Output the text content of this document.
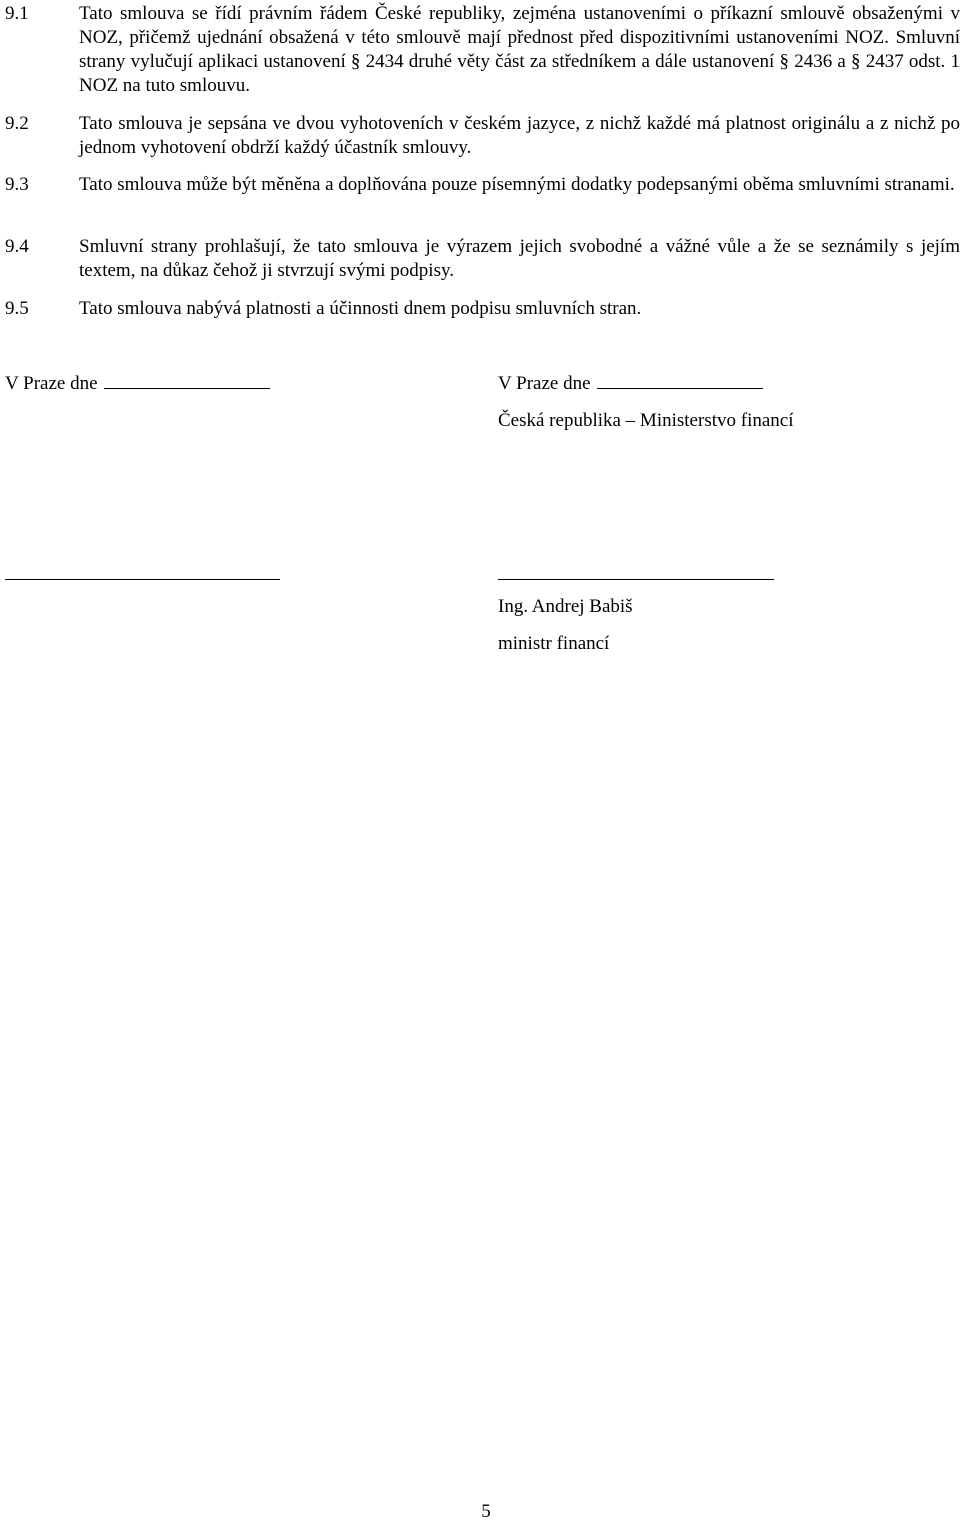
9.1	Tato smlouva se řídí právním řádem České republiky, zejména ustanoveními o příkazní smlouvě obsaženými v NOZ, přičemž ujednání obsažená v této smlouvě mají přednost před dispozitivními ustanoveními NOZ. Smluvní strany vylučují aplikaci ustanovení § 2434 druhé věty část za středníkem a dále ustanovení § 2436 a § 2437 odst. 1 NOZ na tuto smlouvu.
9.2	Tato smlouva je sepsána ve dvou vyhotoveních v českém jazyce, z nichž každé má platnost originálu a z nichž po jednom vyhotovení obdrží každý účastník smlouvy.
9.3	Tato smlouva může být měněna a doplňována pouze písemnými dodatky podepsanými oběma smluvními stranami.
9.4	Smluvní strany prohlašují, že tato smlouva je výrazem jejich svobodné a vážné vůle a že se seznámily s jejím textem, na důkaz čehož ji stvrzují svými podpisy.
9.5	Tato smlouva nabývá platnosti a účinnosti dnem podpisu smluvních stran.
V Praze dne	V Praze dne
Česká republika – Ministerstvo financí
Ing. Andrej Babiš
ministr financí
5
